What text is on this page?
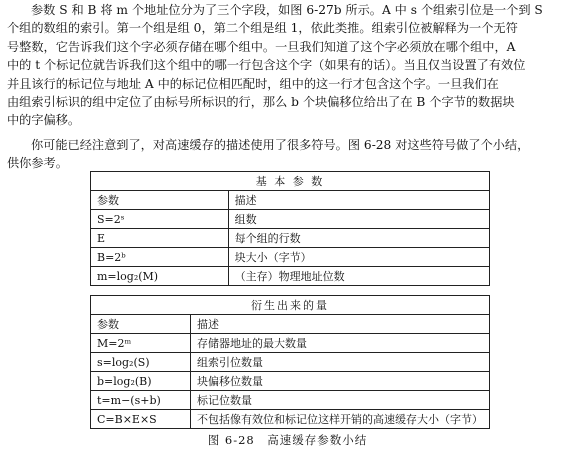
参数 S 和 B 将 m 个地址位分为了三个字段，如图 6-27b 所示。A 中 s 个组索引位是一个到 S
个组的数组的索引。第一个组是组 0，第二个组是组 1，依此类推。组索引位被解释为一个无符
号整数，它告诉我们这个字必须存储在哪个组中。一旦我们知道了这个字必须放在哪个组中，A
中的 t 个标记位就告诉我们这个组中的哪一行包含这个字（如果有的话）。当且仅当设置了有效位
并且该行的标记位与地址 A 中的标记位相匹配时，组中的这一行才包含这个字。一旦我们在
由组索引标识的组中定位了由标号所标识的行，那么 b 个块偏移位给出了在 B 个字节的数据块
中的字偏移。

你可能已经注意到了，对高速缓存的描述使用了很多符号。图 6-28 对这些符号做了个小结，
供你参考。

基 本 参 数	
参数	描述
S=2ˢ	组数
E	每个组的行数
B=2ᵇ	块大小（字节）
m=log₂(M)	（主存）物理地址位数
衍生出来的量	
参数	描述
M=2ᵐ	存储器地址的最大数量
s=log₂(S)	组索引位数量
b=log₂(B)	块偏移位数量
t=m−(s+b)	标记位数量
C=B×E×S	不包括像有效位和标记位这样开销的高速缓存大小（字节）
图 6-28　高速缓存参数小结
